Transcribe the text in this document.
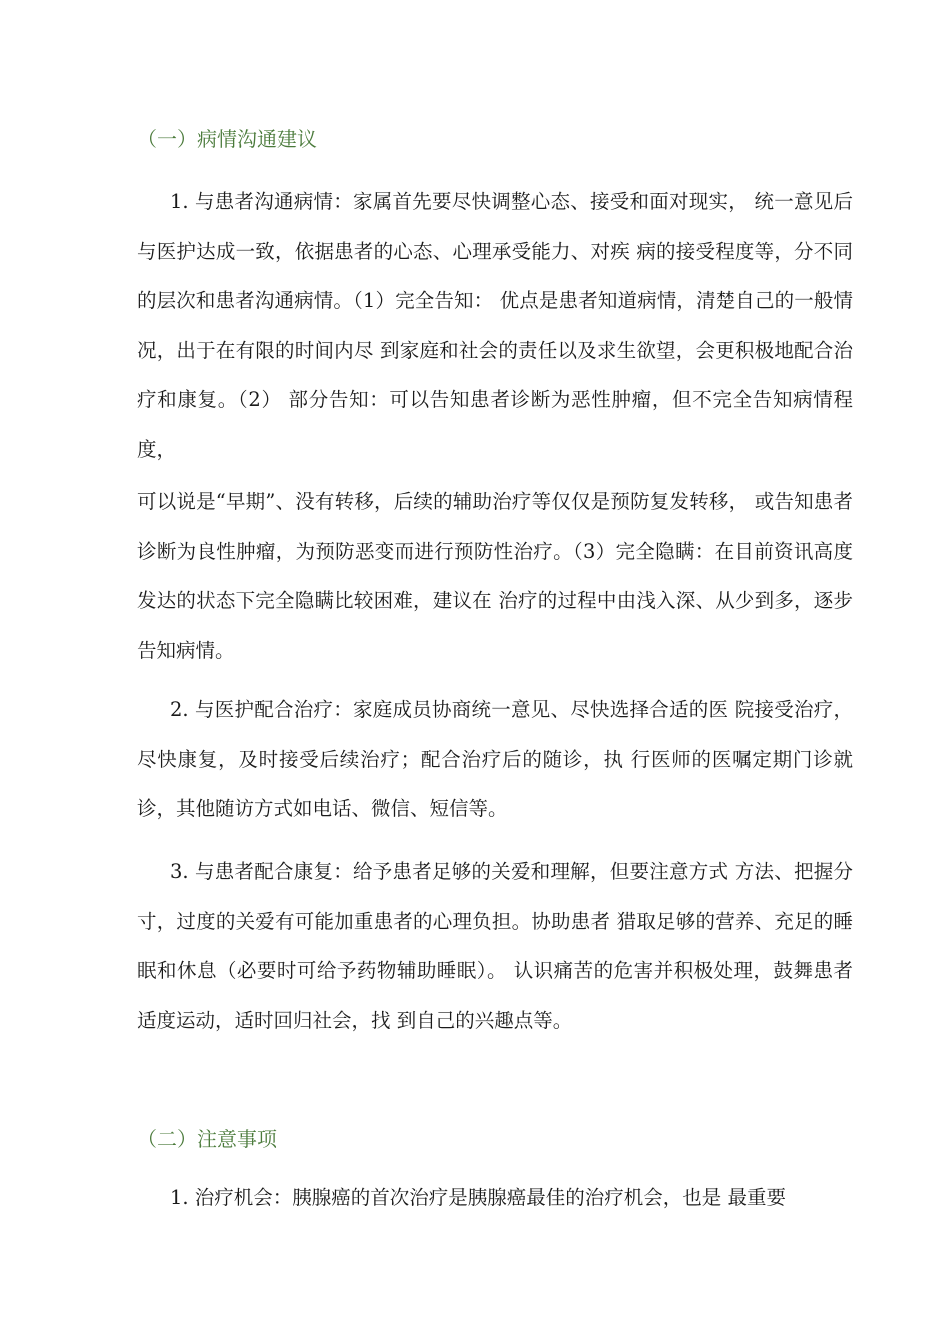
（一）病情沟通建议

1. 与患者沟通病情：家属首先要尽快调整心态、接受和面对现实， 统一意见后与医护达成一致，依据患者的心态、心理承受能力、对疾 病的接受程度等，分不同的层次和患者沟通病情。（1）完全告知： 优点是患者知道病情，清楚自己的一般情况，出于在有限的时间内尽 到家庭和社会的责任以及求生欲望，会更积极地配合治疗和康复。（2） 部分告知：可以告知患者诊断为恶性肿瘤，但不完全告知病情程度，

可以说是“早期”、没有转移，后续的辅助治疗等仅仅是预防复发转移， 或告知患者诊断为良性肿瘤，为预防恶变而进行预防性治疗。（3）完全隐瞒：在目前资讯高度发达的状态下完全隐瞒比较困难，建议在 治疗的过程中由浅入深、从少到多，逐步告知病情。

2. 与医护配合治疗：家庭成员协商统一意见、尽快选择合适的医 院接受治疗，尽快康复，及时接受后续治疗；配合治疗后的随诊，执 行医师的医嘱定期门诊就诊，其他随访方式如电话、微信、短信等。

3. 与患者配合康复：给予患者足够的关爱和理解，但要注意方式 方法、把握分寸，过度的关爱有可能加重患者的心理负担。协助患者 猎取足够的营养、充足的睡眠和休息（必要时可给予药物辅助睡眠）。 认识痛苦的危害并积极处理，鼓舞患者适度运动，适时回归社会，找 到自己的兴趣点等。

（二）注意事项

1. 治疗机会：胰腺癌的首次治疗是胰腺癌最佳的治疗机会，也是 最重要
